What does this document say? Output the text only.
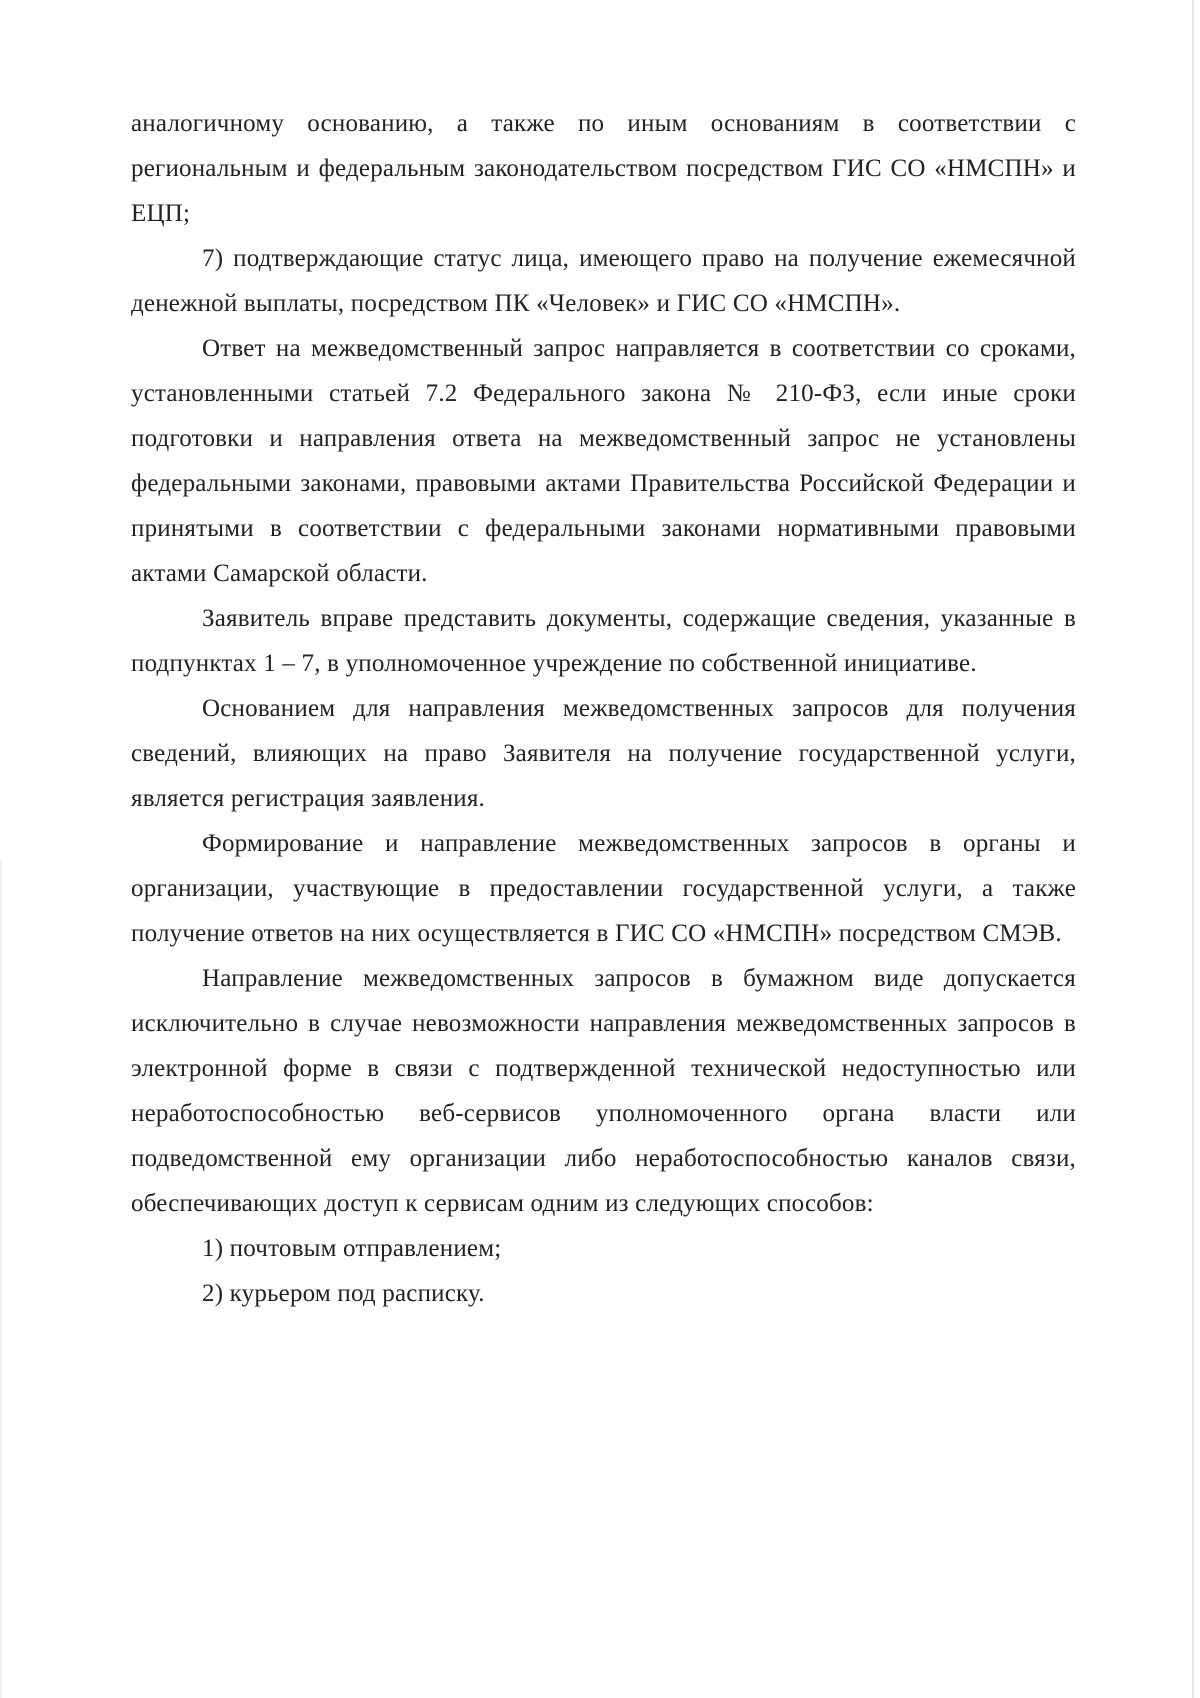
аналогичному основанию, а также по иным основаниям в соответствии с региональным и федеральным законодательством посредством ГИС СО «НМСПН» и ЕЦП;

7) подтверждающие статус лица, имеющего право на получение ежемесячной денежной выплаты, посредством ПК «Человек» и ГИС СО «НМСПН».

Ответ на межведомственный запрос направляется в соответствии со сроками, установленными статьей 7.2 Федерального закона № 210-ФЗ, если иные сроки подготовки и направления ответа на межведомственный запрос не установлены федеральными законами, правовыми актами Правительства Российской Федерации и принятыми в соответствии с федеральными законами нормативными правовыми актами Самарской области.

Заявитель вправе представить документы, содержащие сведения, указанные в подпунктах 1 – 7, в уполномоченное учреждение по собственной инициативе.

Основанием для направления межведомственных запросов для получения сведений, влияющих на право Заявителя на получение государственной услуги, является регистрация заявления.

Формирование и направление межведомственных запросов в органы и организации, участвующие в предоставлении государственной услуги, а также получение ответов на них осуществляется в ГИС СО «НМСПН» посредством СМЭВ.

Направление межведомственных запросов в бумажном виде допускается исключительно в случае невозможности направления межведомственных запросов в электронной форме в связи с подтвержденной технической недоступностью или неработоспособностью веб-сервисов уполномоченного органа власти или подведомственной ему организации либо неработоспособностью каналов связи, обеспечивающих доступ к сервисам одним из следующих способов:

1) почтовым отправлением;

2) курьером под расписку.
